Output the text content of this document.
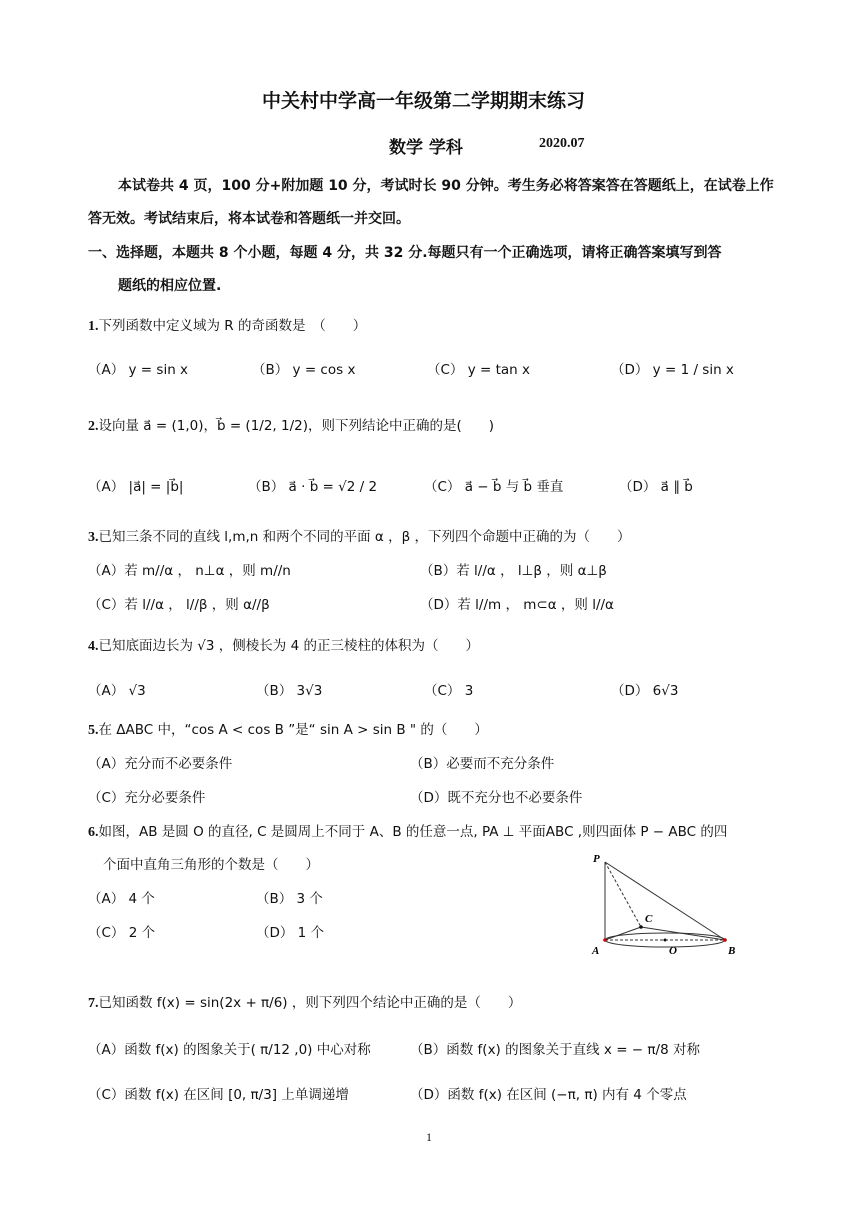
中关村中学高一年级第二学期期末练习
数学 学科	2020.07
本试卷共 4 页，100 分+附加题 10 分，考试时长 90 分钟。考生务必将答案答在答题纸上，在试卷上作
答无效。考试结束后，将本试卷和答题纸一并交回。
一、选择题，本题共 8 个小题，每题 4 分，共 32 分.每题只有一个正确选项，请将正确答案填写到答
题纸的相应位置.
1.下列函数中定义域为 R 的奇函数是　（　　）
（A） y = sin x	（B） y = cos x	（C） y = tan x	（D） y = 1 / sin x
2.设向量 a⃗ = (1,0)，b⃗ = (1/2, 1/2)，则下列结论中正确的是(　　)
（A） |a⃗| = |b⃗|	（B） a⃗ · b⃗ = √2 / 2	（C） a⃗ − b⃗ 与 b⃗ 垂直	（D） a⃗ ∥ b⃗
3.已知三条不同的直线 l,m,n 和两个不同的平面 α ，β ，下列四个命题中正确的为（　　）
（A）若 m//α ， n⊥α ，则 m//n	（B）若 l//α ， l⊥β ，则 α⊥β
（C）若 l//α ， l//β ，则 α//β	（D）若 l//m ， m⊂α ，则 l//α
4.已知底面边长为 √3 ，侧棱长为 4 的正三棱柱的体积为（　　）
（A） √3	（B） 3√3	（C） 3	（D） 6√3
5.在 ΔABC 中，“cos A < cos B ”是“ sin A > sin B " 的（　　）
（A）充分而不必要条件	（B）必要而不充分条件
（C）充分必要条件	（D）既不充分也不必要条件
6.如图，AB 是圆 O 的直径, C 是圆周上不同于 A、B 的任意一点, PA ⊥ 平面ABC ,则四面体 P − ABC 的四
个面中直角三角形的个数是（　　）
（A） 4 个	（B） 3 个
（C） 2 个	（D） 1 个
P
C
A	O	B
7.已知函数 f(x) = sin(2x + π/6) ，则下列四个结论中正确的是（　　）
（A）函数 f(x) 的图象关于( π/12 ,0) 中心对称	（B）函数 f(x) 的图象关于直线 x = − π/8 对称
（C）函数 f(x) 在区间 [0, π/3] 上单调递增	（D）函数 f(x) 在区间 (−π, π) 内有 4 个零点
1
